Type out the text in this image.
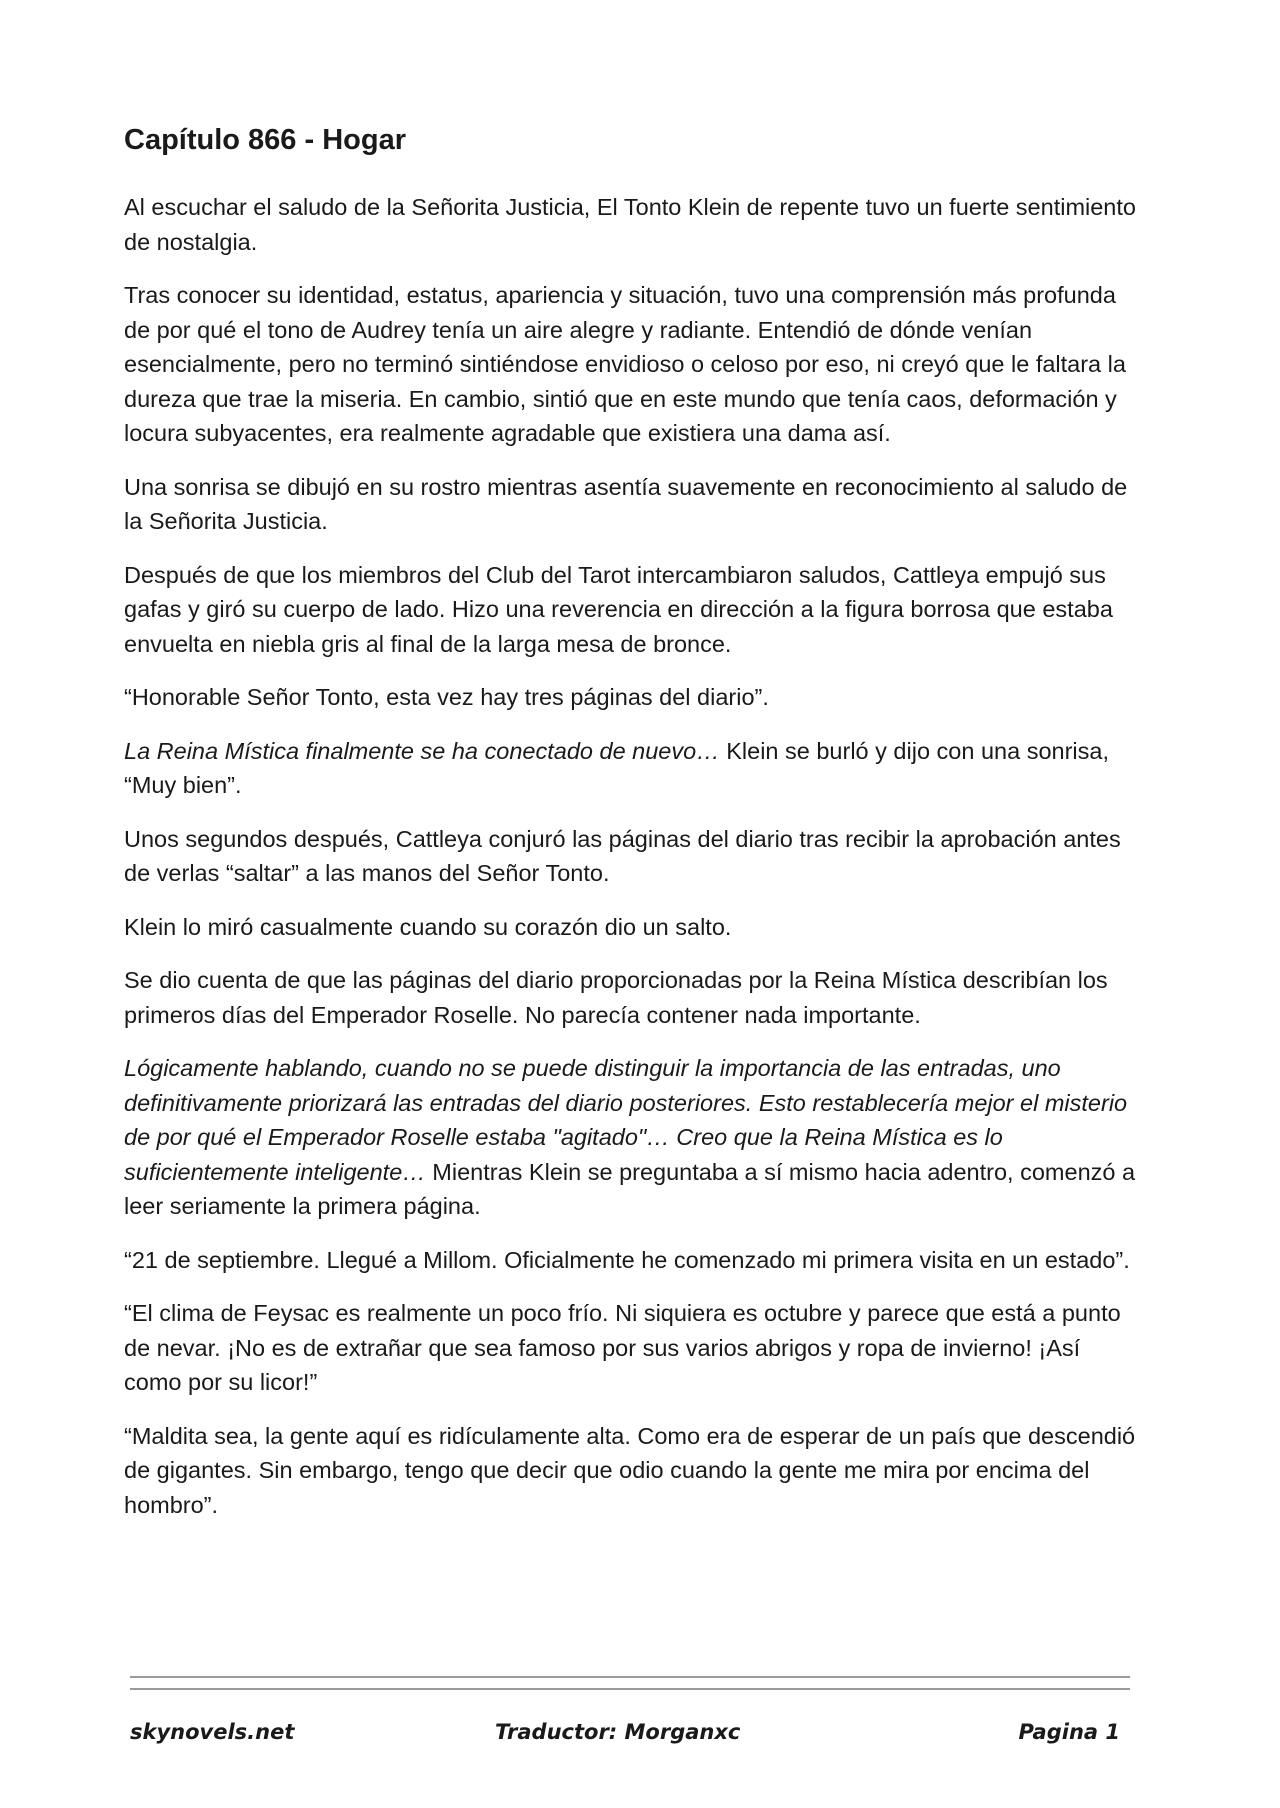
Capítulo 866 - Hogar

Al escuchar el saludo de la Señorita Justicia, El Tonto Klein de repente tuvo un fuerte sentimiento de nostalgia.

Tras conocer su identidad, estatus, apariencia y situación, tuvo una comprensión más profunda de por qué el tono de Audrey tenía un aire alegre y radiante. Entendió de dónde venían esencialmente, pero no terminó sintiéndose envidioso o celoso por eso, ni creyó que le faltara la dureza que trae la miseria. En cambio, sintió que en este mundo que tenía caos, deformación y locura subyacentes, era realmente agradable que existiera una dama así.

Una sonrisa se dibujó en su rostro mientras asentía suavemente en reconocimiento al saludo de la Señorita Justicia.

Después de que los miembros del Club del Tarot intercambiaron saludos, Cattleya empujó sus gafas y giró su cuerpo de lado. Hizo una reverencia en dirección a la figura borrosa que estaba envuelta en niebla gris al final de la larga mesa de bronce.

“Honorable Señor Tonto, esta vez hay tres páginas del diario”.

La Reina Mística finalmente se ha conectado de nuevo… Klein se burló y dijo con una sonrisa, “Muy bien”.

Unos segundos después, Cattleya conjuró las páginas del diario tras recibir la aprobación antes de verlas “saltar” a las manos del Señor Tonto.

Klein lo miró casualmente cuando su corazón dio un salto.

Se dio cuenta de que las páginas del diario proporcionadas por la Reina Mística describían los primeros días del Emperador Roselle. No parecía contener nada importante.

Lógicamente hablando, cuando no se puede distinguir la importancia de las entradas, uno definitivamente priorizará las entradas del diario posteriores. Esto restablecería mejor el misterio de por qué el Emperador Roselle estaba "agitado"… Creo que la Reina Mística es lo suficientemente inteligente… Mientras Klein se preguntaba a sí mismo hacia adentro, comenzó a leer seriamente la primera página.

“21 de septiembre. Llegué a Millom. Oficialmente he comenzado mi primera visita en un estado”.

“El clima de Feysac es realmente un poco frío. Ni siquiera es octubre y parece que está a punto de nevar. ¡No es de extrañar que sea famoso por sus varios abrigos y ropa de invierno! ¡Así como por su licor!”

“Maldita sea, la gente aquí es ridículamente alta. Como era de esperar de un país que descendió de gigantes. Sin embargo, tengo que decir que odio cuando la gente me mira por encima del hombro”.

skynovels.net	Traductor: Morganxc	Pagina 1
